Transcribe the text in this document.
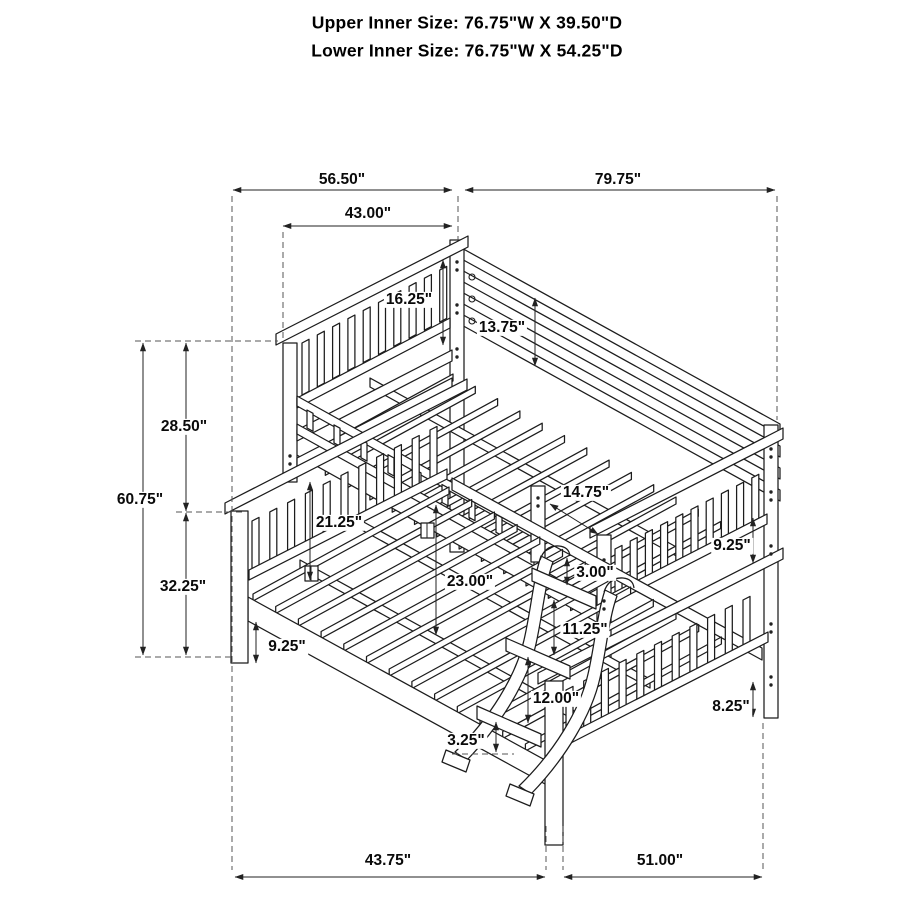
Upper Inner Size: 76.75"W X 39.50"D
Lower Inner Size: 76.75"W X 54.25"D
56.50"	79.75"
43.00"
16.25"
13.75"
28.50"
60.75"
32.25"
21.25"
14.75"
23.00"
3.00"
11.25"
12.00"
3.25"
9.25"
9.25"
8.25"
43.75"	51.00"
